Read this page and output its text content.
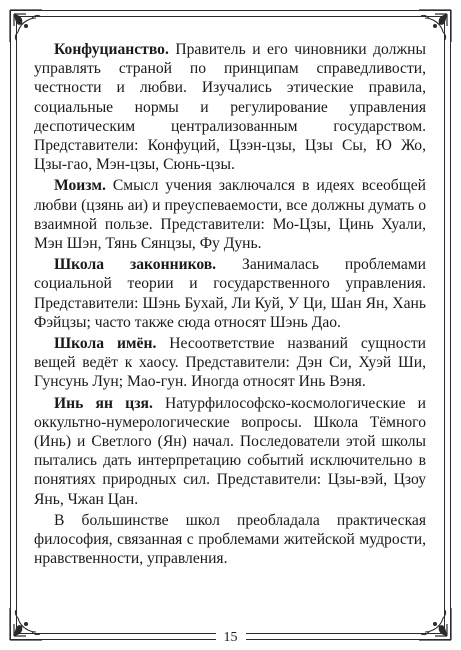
Конфуцианство. Правитель и его чиновники должны управлять страной по принципам справедливости, честности и любви. Изучались этические правила, социальные нормы и регулирование управления деспотическим централизованным государством. Представители: Конфуций, Цзэн-цзы, Цзы Сы, Ю Жо, Цзы-гао, Мэн-цзы, Сюнь-цзы.

Моизм. Смысл учения заключался в идеях всеобщей любви (цзянь аи) и преуспеваемости, все должны думать о взаимной пользе. Представители: Мо-Цзы, Цинь Хуали, Мэн Шэн, Тянь Сянцзы, Фу Дунь.

Школа законников. Занималась проблемами социальной теории и государственного управления. Представители: Шэнь Бухай, Ли Куй, У Ци, Шан Ян, Хань Фэйцзы; часто также сюда относят Шэнь Дао.

Школа имён. Несоответствие названий сущности вещей ведёт к хаосу. Представители: Дэн Си, Хуэй Ши, Гунсунь Лун; Мао-гун. Иногда относят Инь Вэня.

Инь ян цзя. Натурфилософско-космологические и оккультно-нумерологические вопросы. Школа Тёмного (Инь) и Светлого (Ян) начал. Последователи этой школы пытались дать интерпретацию событий исключительно в понятиях природных сил. Представители: Цзы-вэй, Цзоу Янь, Чжан Цан.

В большинстве школ преобладала практическая философия, связанная с проблемами житейской мудрости, нравственности, управления.

15
